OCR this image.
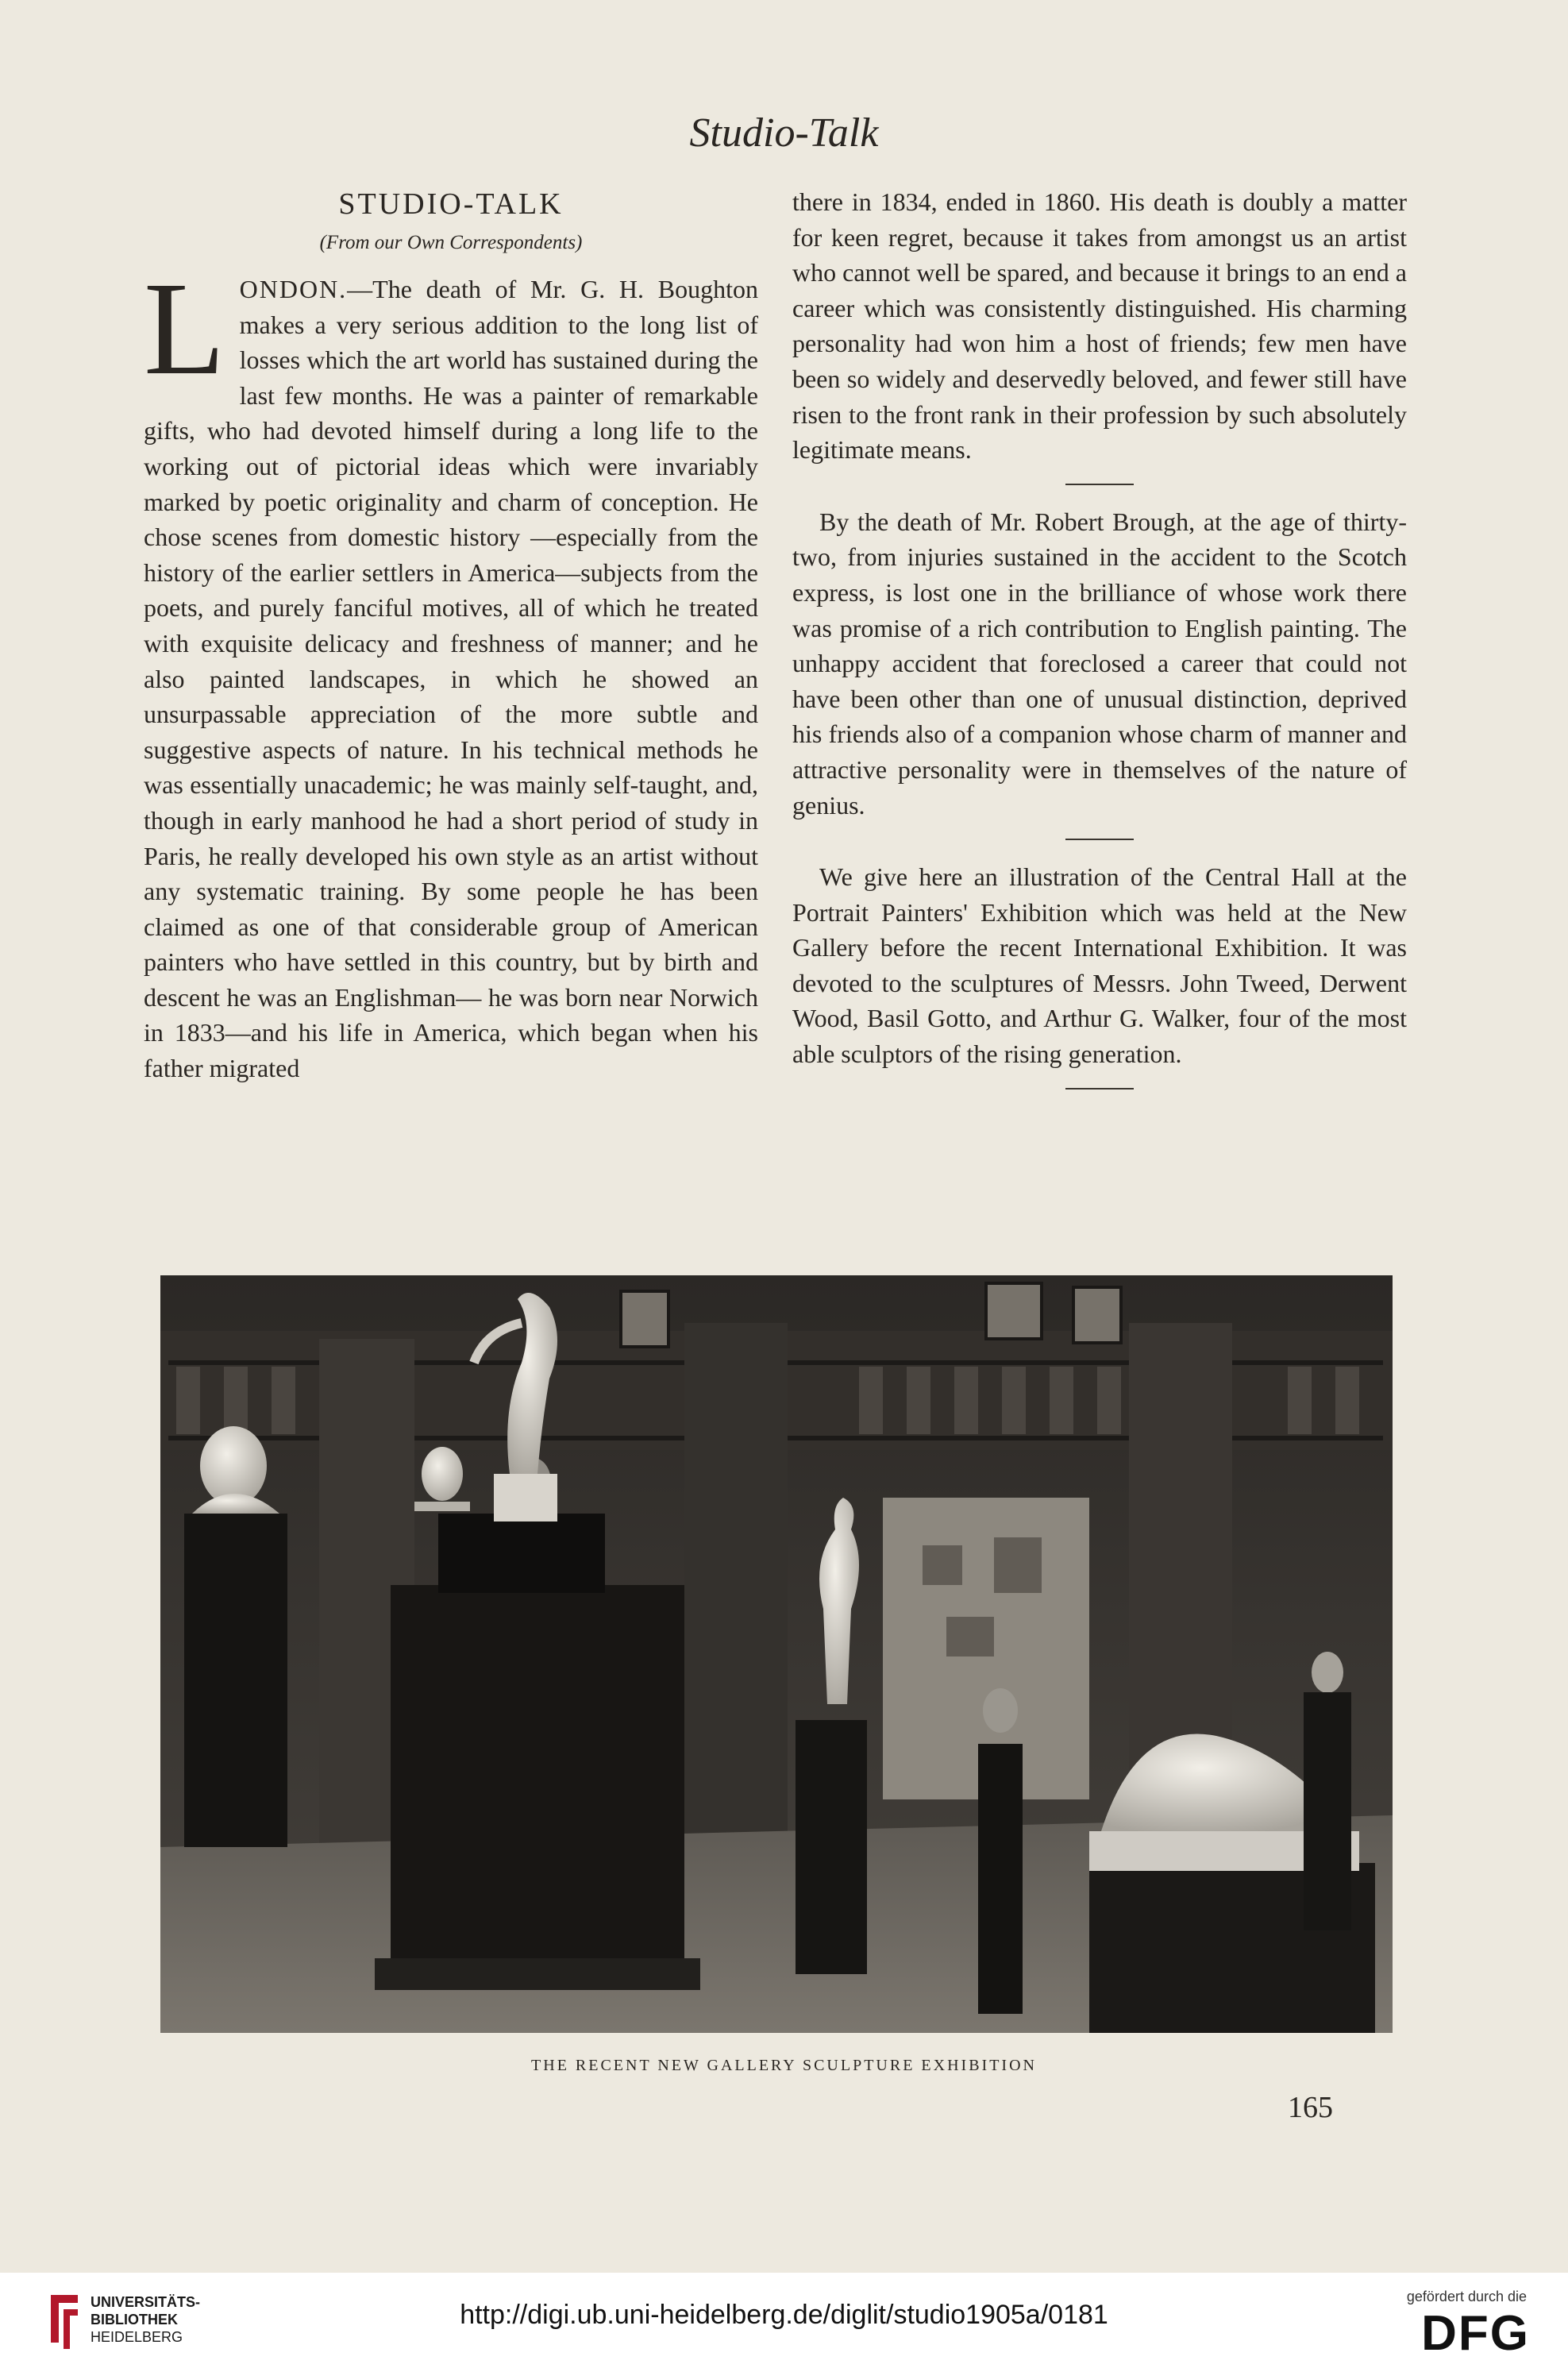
Studio-Talk
STUDIO-TALK
(From our Own Correspondents)

LONDON.—The death of Mr. G. H. Boughton makes a very serious addition to the long list of losses which the art world has sustained during the last few months. He was a painter of remarkable gifts, who had devoted himself during a long life to the working out of pictorial ideas which were invariably marked by poetic originality and charm of conception. He chose scenes from domestic history —especially from the history of the earlier settlers in America—subjects from the poets, and purely fanciful motives, all of which he treated with exquisite delicacy and freshness of manner; and he also painted landscapes, in which he showed an unsurpassable appreciation of the more subtle and suggestive aspects of nature. In his technical methods he was essentially unacademic; he was mainly self-taught, and, though in early manhood he had a short period of study in Paris, he really developed his own style as an artist without any systematic training. By some people he has been claimed as one of that considerable group of American painters who have settled in this country, but by birth and descent he was an Englishman— he was born near Norwich in 1833—and his life in America, which began when his father migrated

there in 1834, ended in 1860. His death is doubly a matter for keen regret, because it takes from amongst us an artist who cannot well be spared, and because it brings to an end a career which was consistently distinguished. His charming personality had won him a host of friends; few men have been so widely and deservedly beloved, and fewer still have risen to the front rank in their profession by such absolutely legitimate means.

By the death of Mr. Robert Brough, at the age of thirty-two, from injuries sustained in the accident to the Scotch express, is lost one in the brilliance of whose work there was promise of a rich contribution to English painting. The unhappy accident that foreclosed a career that could not have been other than one of unusual distinction, deprived his friends also of a companion whose charm of manner and attractive personality were in themselves of the nature of genius.

We give here an illustration of the Central Hall at the Portrait Painters' Exhibition which was held at the New Gallery before the recent International Exhibition. It was devoted to the sculptures of Messrs. John Tweed, Derwent Wood, Basil Gotto, and Arthur G. Walker, four of the most able sculptors of the rising generation.

THE RECENT NEW GALLERY SCULPTURE EXHIBITION
165
UNIVERSITÄTS-
BIBLIOTHEK
HEIDELBERG
http://digi.ub.uni-heidelberg.de/diglit/studio1905a/0181
gefördert durch die
DFG
